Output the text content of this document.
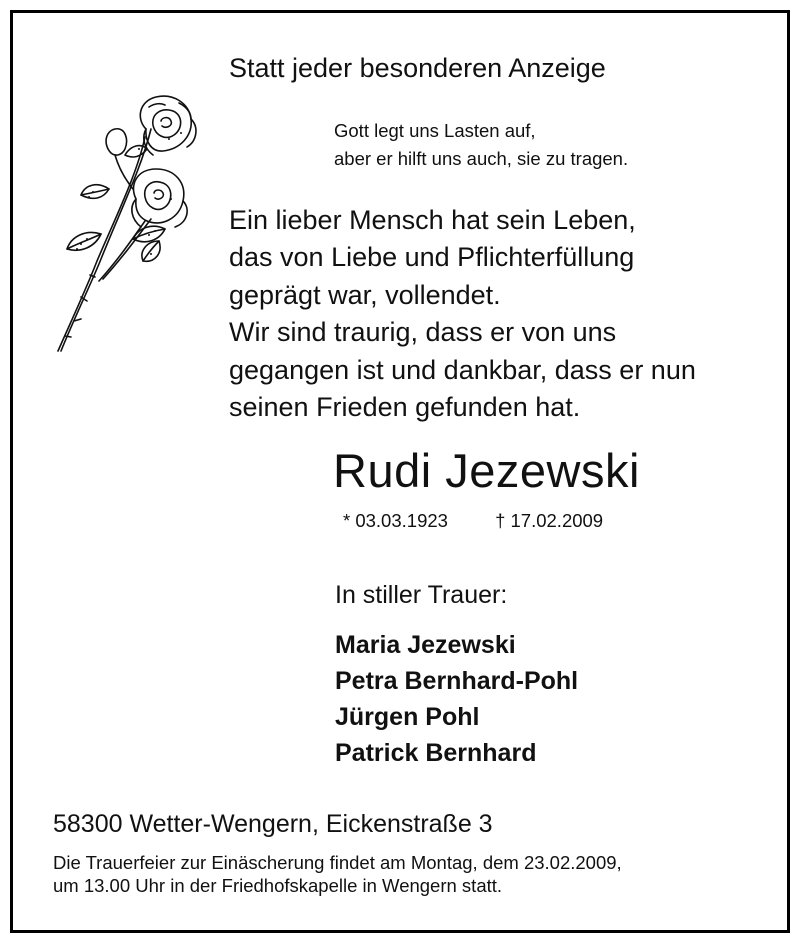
Statt jeder besonderen Anzeige
Gott legt uns Lasten auf,
aber er hilft uns auch, sie zu tragen.
Ein lieber Mensch hat sein Leben,
das von Liebe und Pflichterfüllung
geprägt war, vollendet.
Wir sind traurig, dass er von uns
gegangen ist und dankbar, dass er nun
seinen Frieden gefunden hat.
Rudi Jezewski
* 03.03.1923	† 17.02.2009
In stiller Trauer:
Maria Jezewski
Petra Bernhard-Pohl
Jürgen Pohl
Patrick Bernhard
58300 Wetter-Wengern, Eickenstraße 3
Die Trauerfeier zur Einäscherung findet am Montag, dem 23.02.2009,
um 13.00 Uhr in der Friedhofskapelle in Wengern statt.
